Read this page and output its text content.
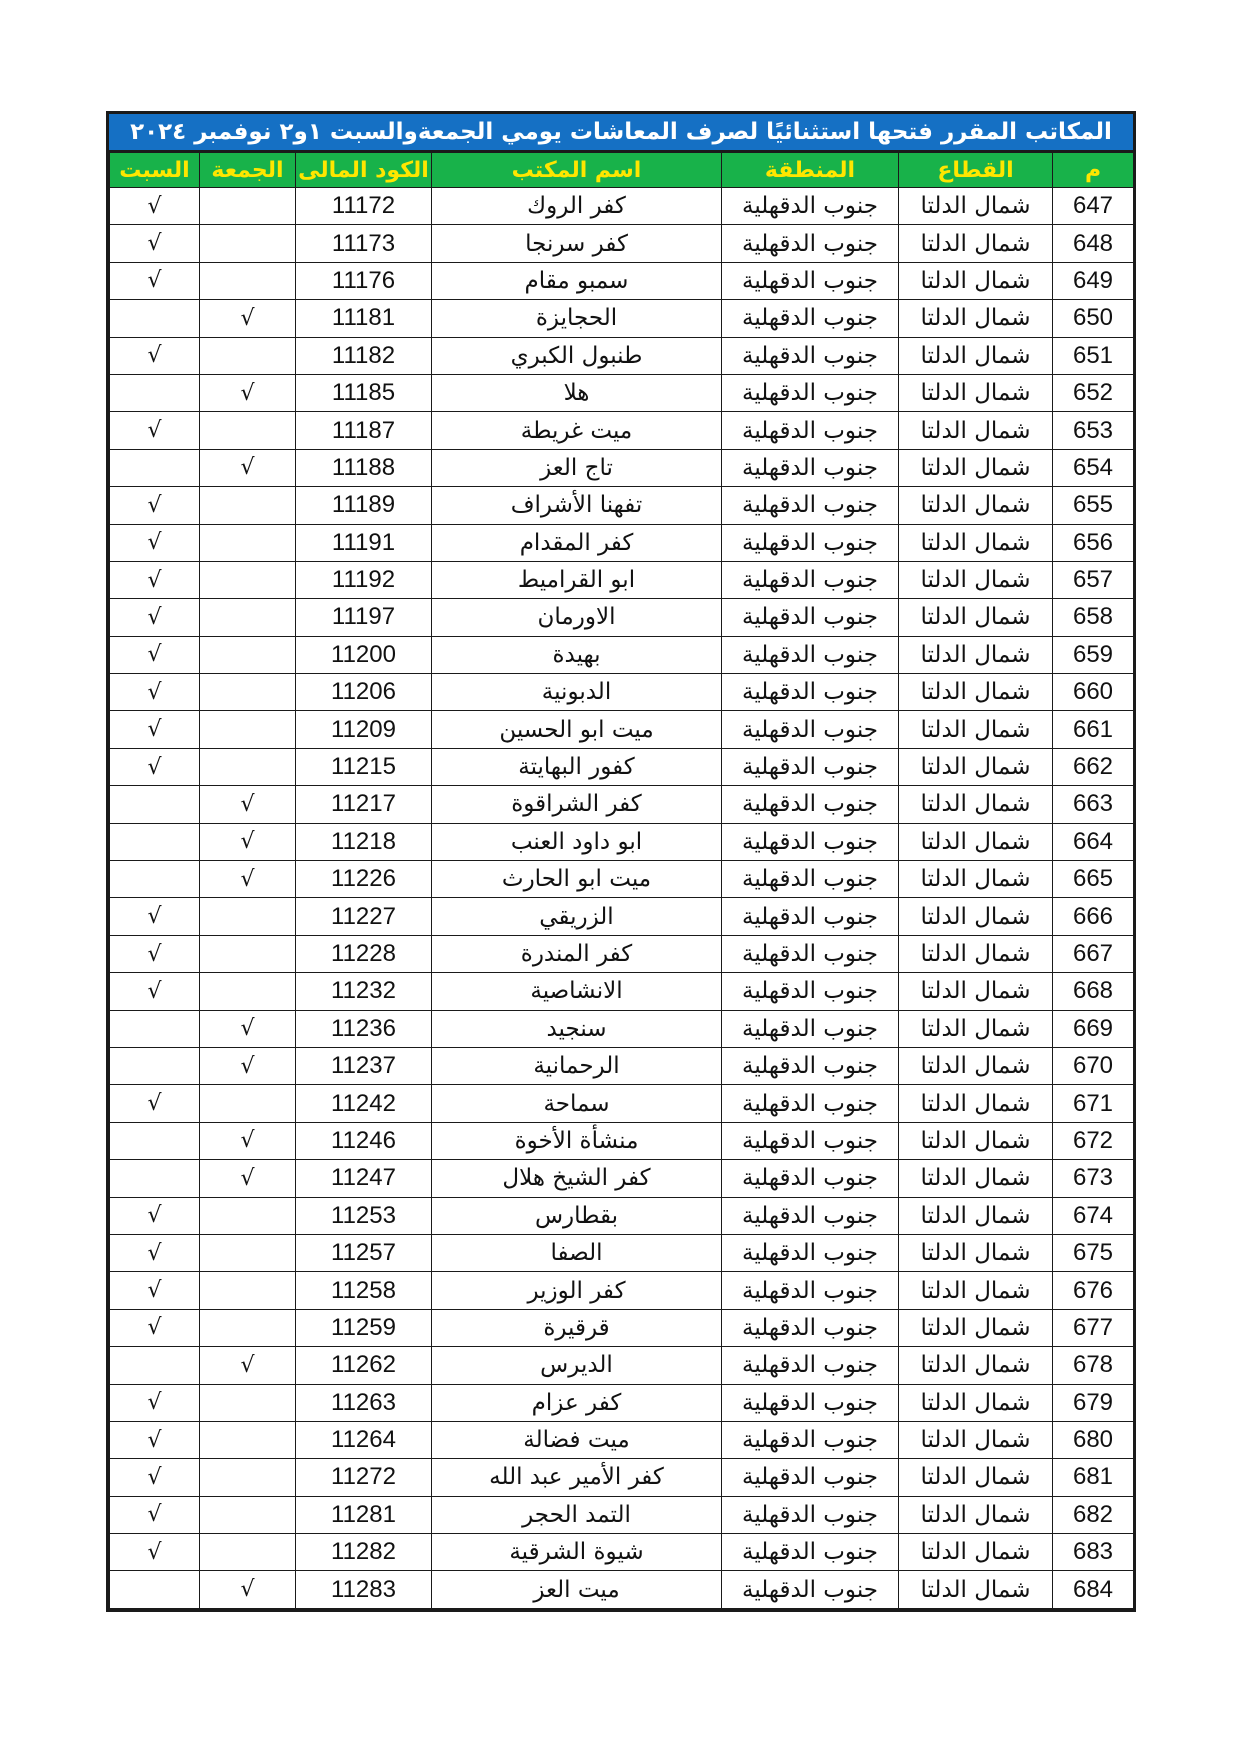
المكاتب المقرر فتحها استثنائيًا لصرف المعاشات يومي الجمعةوالسبت ١و٢ نوفمبر ٢٠٢٤
السبت	الجمعة	الكود المالى	اسم المكتب	المنطقة	القطاع	م
√		11172	كفر الروك	جنوب الدقهلية	شمال الدلتا	647
√		11173	كفر سرنجا	جنوب الدقهلية	شمال الدلتا	648
√		11176	سمبو مقام	جنوب الدقهلية	شمال الدلتا	649
	√	11181	الحجايزة	جنوب الدقهلية	شمال الدلتا	650
√		11182	طنبول الكبري	جنوب الدقهلية	شمال الدلتا	651
	√	11185	هلا	جنوب الدقهلية	شمال الدلتا	652
√		11187	ميت غريطة	جنوب الدقهلية	شمال الدلتا	653
	√	11188	تاج العز	جنوب الدقهلية	شمال الدلتا	654
√		11189	تفهنا الأشراف	جنوب الدقهلية	شمال الدلتا	655
√		11191	كفر المقدام	جنوب الدقهلية	شمال الدلتا	656
√		11192	ابو القراميط	جنوب الدقهلية	شمال الدلتا	657
√		11197	الاورمان	جنوب الدقهلية	شمال الدلتا	658
√		11200	بهيدة	جنوب الدقهلية	شمال الدلتا	659
√		11206	الدبونية	جنوب الدقهلية	شمال الدلتا	660
√		11209	ميت ابو الحسين	جنوب الدقهلية	شمال الدلتا	661
√		11215	كفور البهايتة	جنوب الدقهلية	شمال الدلتا	662
	√	11217	كفر الشراقوة	جنوب الدقهلية	شمال الدلتا	663
	√	11218	ابو داود العنب	جنوب الدقهلية	شمال الدلتا	664
	√	11226	ميت ابو الحارث	جنوب الدقهلية	شمال الدلتا	665
√		11227	الزريقي	جنوب الدقهلية	شمال الدلتا	666
√		11228	كفر المندرة	جنوب الدقهلية	شمال الدلتا	667
√		11232	الانشاصية	جنوب الدقهلية	شمال الدلتا	668
	√	11236	سنجيد	جنوب الدقهلية	شمال الدلتا	669
	√	11237	الرحمانية	جنوب الدقهلية	شمال الدلتا	670
√		11242	سماحة	جنوب الدقهلية	شمال الدلتا	671
	√	11246	منشأة الأخوة	جنوب الدقهلية	شمال الدلتا	672
	√	11247	كفر الشيخ هلال	جنوب الدقهلية	شمال الدلتا	673
√		11253	بقطارس	جنوب الدقهلية	شمال الدلتا	674
√		11257	الصفا	جنوب الدقهلية	شمال الدلتا	675
√		11258	كفر الوزير	جنوب الدقهلية	شمال الدلتا	676
√		11259	قرقيرة	جنوب الدقهلية	شمال الدلتا	677
	√	11262	الديرس	جنوب الدقهلية	شمال الدلتا	678
√		11263	كفر عزام	جنوب الدقهلية	شمال الدلتا	679
√		11264	ميت فضالة	جنوب الدقهلية	شمال الدلتا	680
√		11272	كفر الأمير عبد الله	جنوب الدقهلية	شمال الدلتا	681
√		11281	التمد الحجر	جنوب الدقهلية	شمال الدلتا	682
√		11282	شيوة الشرقية	جنوب الدقهلية	شمال الدلتا	683
	√	11283	ميت العز	جنوب الدقهلية	شمال الدلتا	684
